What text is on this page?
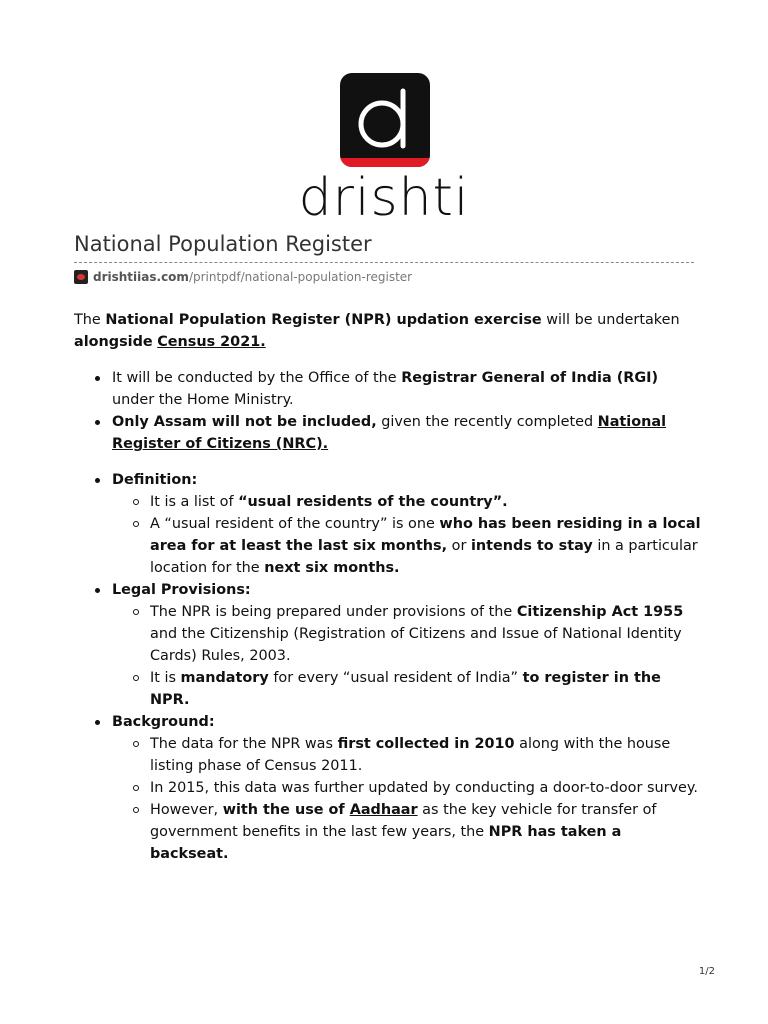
drishti
National Population Register
drishtiias.com /printpdf/national-population-register

The National Population Register (NPR) updation exercise will be undertaken alongside Census 2021.

It will be conducted by the Office of the Registrar General of India (RGI) under the Home Ministry.
Only Assam will not be included, given the recently completed National Register of Citizens (NRC).
Definition:
It is a list of “usual residents of the country”.
A “usual resident of the country” is one who has been residing in a local area for at least the last six months, or intends to stay in a particular location for the next six months.
Legal Provisions:
The NPR is being prepared under provisions of the Citizenship Act 1955 and the Citizenship (Registration of Citizens and Issue of National Identity Cards) Rules, 2003.
It is mandatory for every “usual resident of India” to register in the NPR.
Background:
The data for the NPR was first collected in 2010 along with the house listing phase of Census 2011.
In 2015, this data was further updated by conducting a door-to-door survey.
However, with the use of Aadhaar as the key vehicle for transfer of government benefits in the last few years, the NPR has taken a backseat.
1/2
